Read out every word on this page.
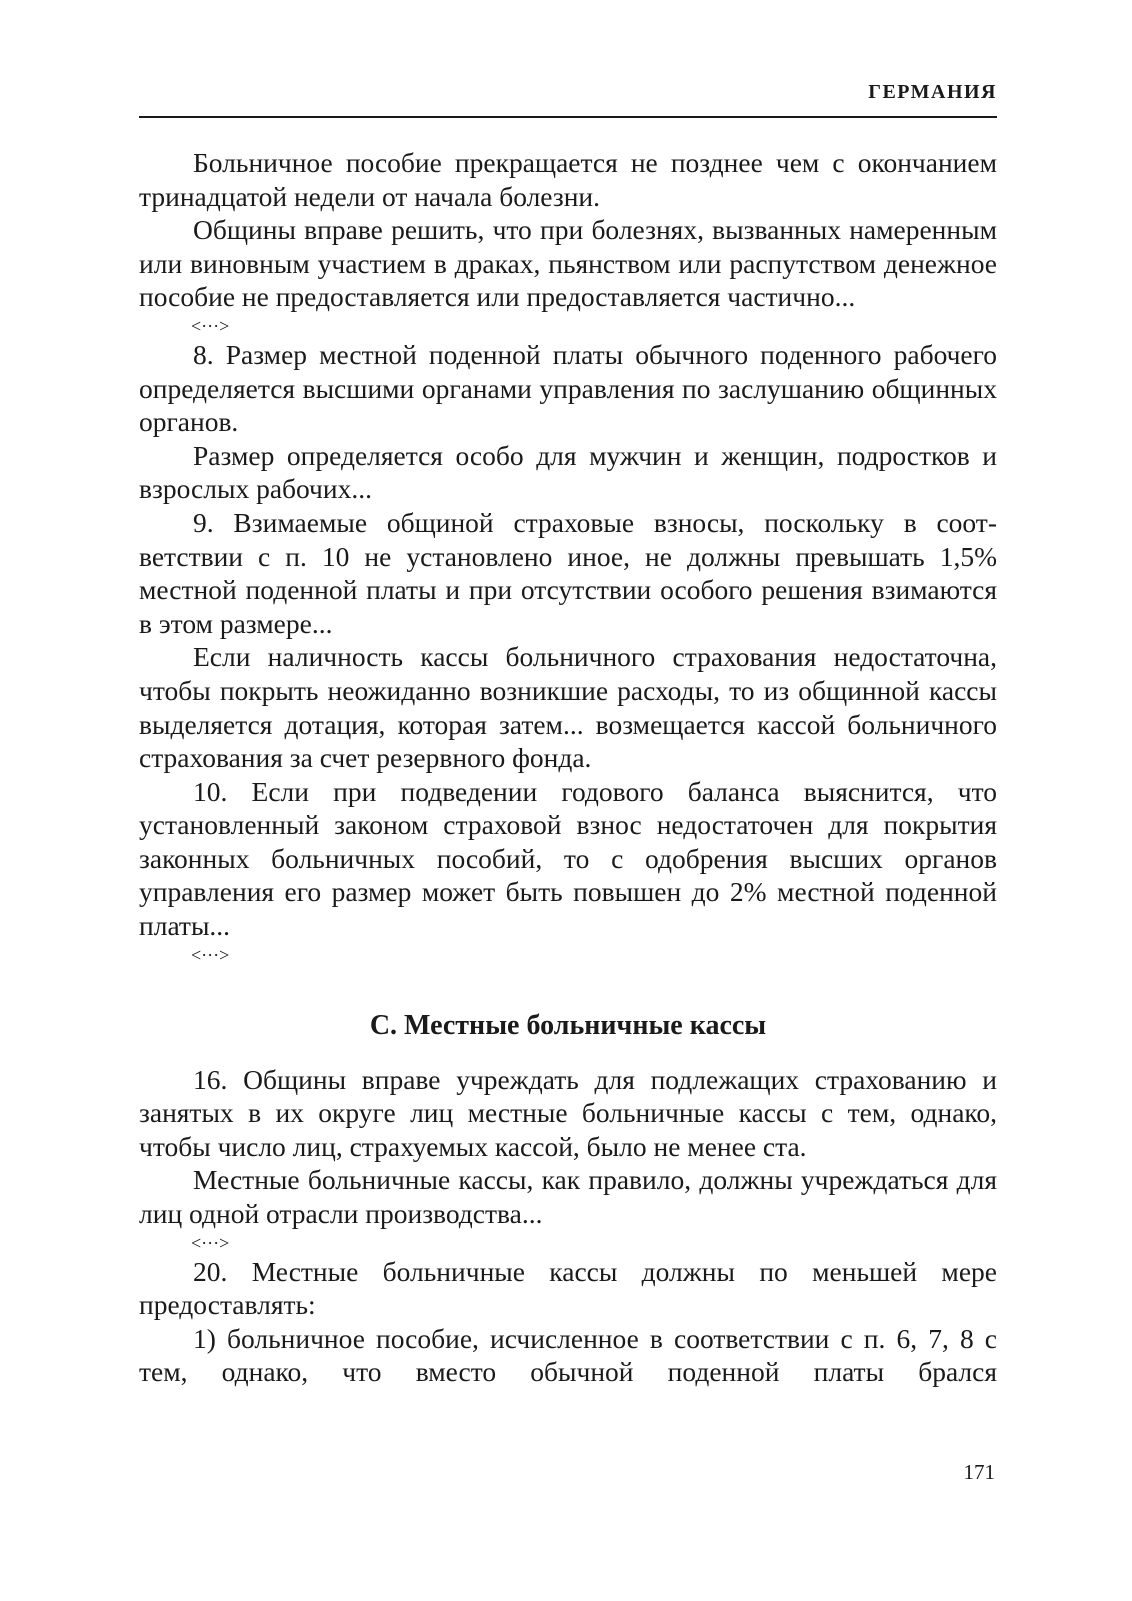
ГЕРМАНИЯ

Больничное пособие прекращается не позднее чем с окончанием тринадцатой недели от начала болезни.

Общины вправе решить, что при болезнях, вызванных намеренным или виновным участием в драках, пьянством или распутством денежное пособие не предоставляется или предоставляется частично...

<···>

8. Размер местной поденной платы обычного поденного рабочего определяется высшими органами управления по заслушанию общинных органов.

Размер определяется особо для мужчин и женщин, подростков и взрослых рабочих...

9. Взимаемые общиной страховые взносы, поскольку в соответствии с п. 10 не установлено иное, не должны превышать 1,5% местной поденной платы и при отсутствии особого решения взимаются в этом размере...

Если наличность кассы больничного страхования недостаточна, чтобы покрыть неожиданно возникшие расходы, то из общинной кассы выделяется дотация, которая затем... возмещается кассой больничного страхования за счет резервного фонда.

10. Если при подведении годового баланса выяснится, что установленный законом страховой взнос недостаточен для покрытия законных больничных пособий, то с одобрения высших органов управления его размер может быть повышен до 2% местной поденной платы...

<···>
С. Местные больничные кассы

16. Общины вправе учреждать для подлежащих страхованию и занятых в их округе лиц местные больничные кассы с тем, однако, чтобы число лиц, страхуемых кассой, было не менее ста.

Местные больничные кассы, как правило, должны учреждаться для лиц одной отрасли производства...

<···>

20. Местные больничные кассы должны по меньшей мере предоставлять:

1) больничное пособие, исчисленное в соответствии с п. 6, 7, 8 с тем, однако, что вместо обычной поденной платы брался

171
